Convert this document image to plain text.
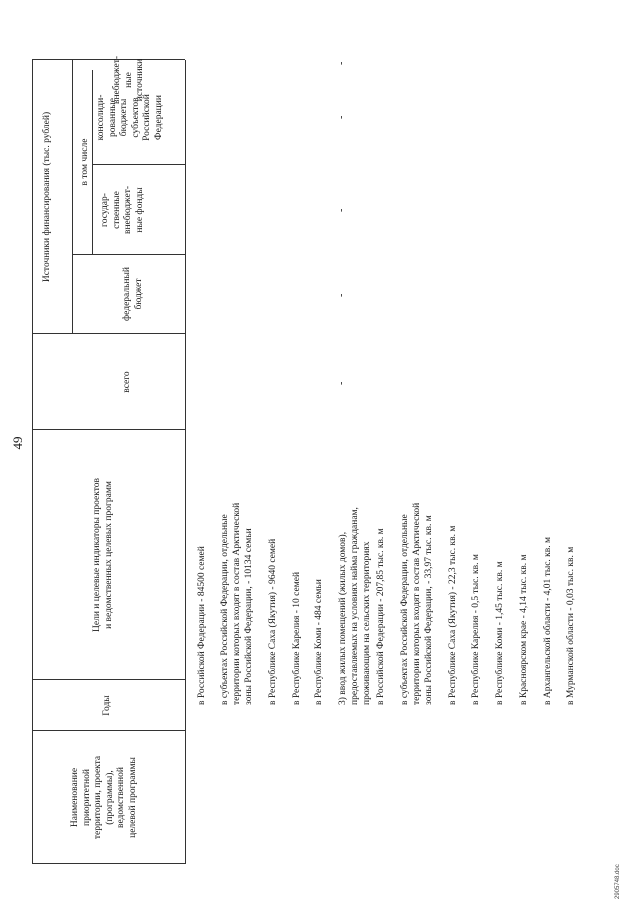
49
Наименование приоритетной территории, проекта (программы), ведомственной целевой программы
Годы
Цели и целевые индикаторы проектов и ведомственных целевых программ
Источники финансирования (тыс. рублей)
всего
в том числе
федеральный бюджет
государ- ственные внебюджет- ные фонды
консолиди- рованные бюджеты субъектов Российской Федерации
внебюджет- ные источники
-
-
-
-
-
в Российской Федерации - 84500 семей в субъектах Российской Федерации, отдельные территории которых входят в состав Арктической зоны Российской Федерации, - 10134 семьи в Республике Саха (Якутия) - 9640 семей в Республике Карелия - 10 семей в Республике Коми - 484 семьи 3) ввод жилых помещений (жилых домов), предоставляемых на условиях найма гражданам, проживающим на сельских территориях в Российской Федерации - 207,85 тыс. кв. м в субъектах Российской Федерации, отдельные территории которых входят в состав Арктической зоны Российской Федерации, - 33,97 тыс. кв. м в Республике Саха (Якутия) - 22,3 тыс. кв. м в Республике Карелия - 0,5 тыс. кв. м в Республике Коми - 1,45 тыс. кв. м в Красноярском крае - 4,14 тыс. кв. м в Архангельской области - 4,01 тыс. кв. м в Мурманской области - 0,03 тыс. кв. м
2905748.doc
